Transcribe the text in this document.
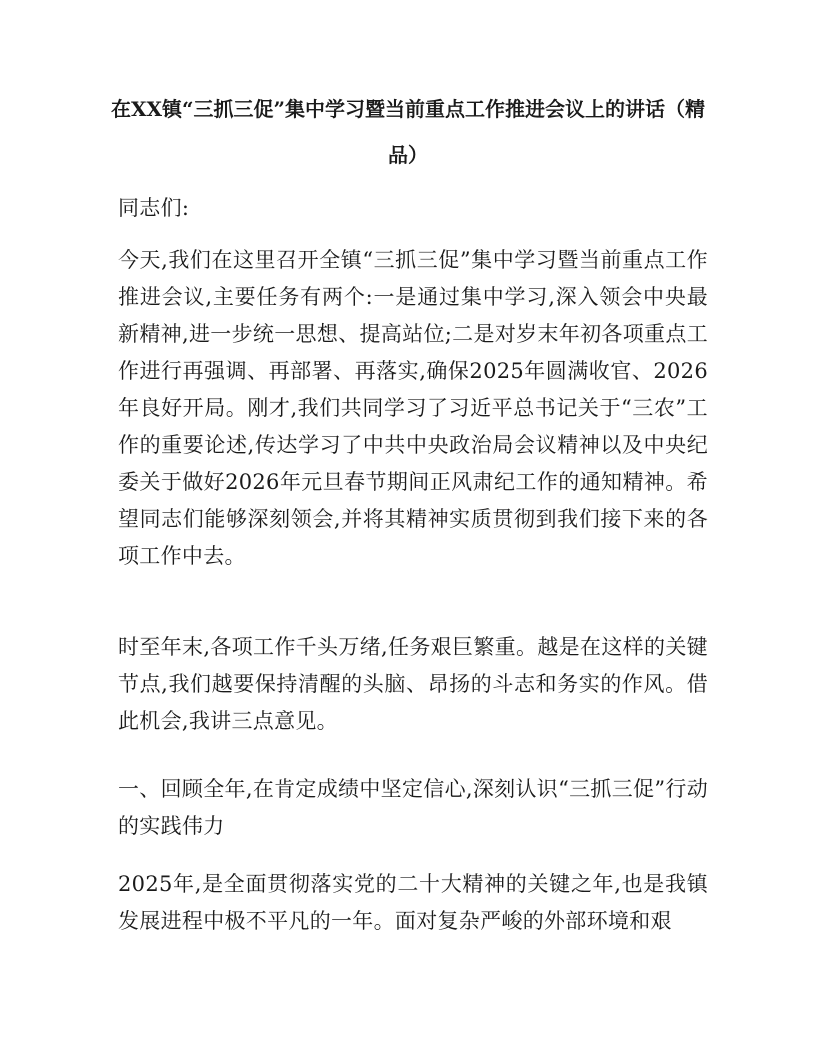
在XX镇“三抓三促”集中学习暨当前重点工作推进会议上的讲话（精品）

同志们:

今天,我们在这里召开全镇“三抓三促”集中学习暨当前重点工作推进会议,主要任务有两个:一是通过集中学习,深入领会中央最新精神,进一步统一思想、提高站位;二是对岁末年初各项重点工作进行再强调、再部署、再落实,确保2025年圆满收官、2026年良好开局。刚才,我们共同学习了习近平总书记关于“三农”工作的重要论述,传达学习了中共中央政治局会议精神以及中央纪委关于做好2026年元旦春节期间正风肃纪工作的通知精神。希望同志们能够深刻领会,并将其精神实质贯彻到我们接下来的各项工作中去。

时至年末,各项工作千头万绪,任务艰巨繁重。越是在这样的关键节点,我们越要保持清醒的头脑、昂扬的斗志和务实的作风。借此机会,我讲三点意见。

一、回顾全年,在肯定成绩中坚定信心,深刻认识“三抓三促”行动的实践伟力

2025年,是全面贯彻落实党的二十大精神的关键之年,也是我镇发展进程中极不平凡的一年。面对复杂严峻的外部环境和艰
